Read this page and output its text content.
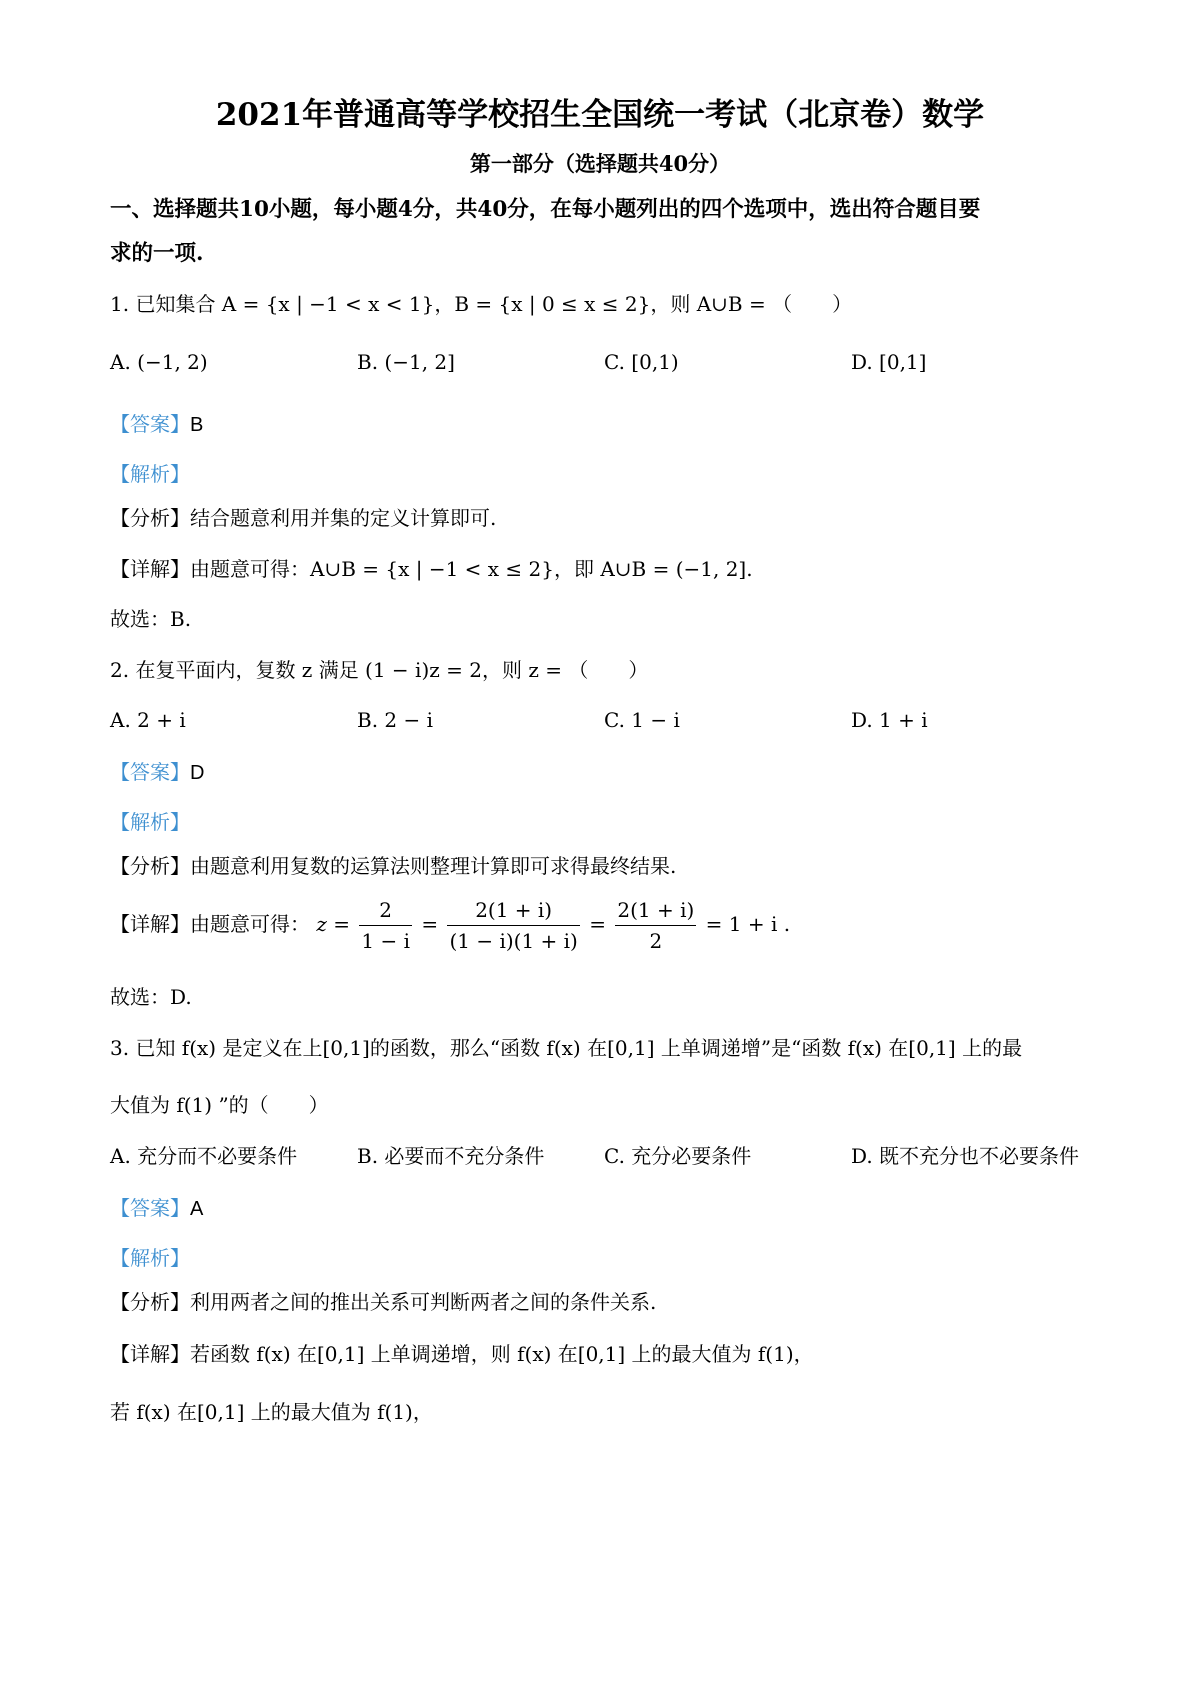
2021年普通高等学校招生全国统一考试（北京卷）数学
第一部分（选择题共40分）
一、选择题共10小题，每小题4分，共40分，在每小题列出的四个选项中，选出符合题目要
求的一项.
1. 已知集合 A = {x | −1 < x < 1}，B = {x | 0 ≤ x ≤ 2}，则 A∪B = （　　）
A. (−1, 2)	B. (−1, 2]	C. [0,1)	D. [0,1]
【答案】B
【解析】
【分析】结合题意利用并集的定义计算即可.
【详解】由题意可得：A∪B = {x | −1 < x ≤ 2}，即 A∪B = (−1, 2].
故选：B.
2. 在复平面内，复数 z 满足 (1 − i)z = 2，则 z = （　　）
A. 2 + i	B. 2 − i	C. 1 − i	D. 1 + i
【答案】D
【解析】
【分析】由题意利用复数的运算法则整理计算即可求得最终结果.
【详解】由题意可得： $z = \frac{2}{1 - i} = \frac{2(1 + i)}{(1 - i)(1 + i)} = \frac{2(1 + i)}{2} = 1 + i$ .
故选：D.
3. 已知 f(x) 是定义在上[0,1]的函数，那么“函数 f(x) 在[0,1] 上单调递增”是“函数 f(x) 在[0,1] 上的最
大值为 f(1) ”的（　　）
A. 充分而不必要条件	B. 必要而不充分条件	C. 充分必要条件	D. 既不充分也不必要条件
【答案】A
【解析】
【分析】利用两者之间的推出关系可判断两者之间的条件关系.
【详解】若函数 f(x) 在[0,1] 上单调递增，则 f(x) 在[0,1] 上的最大值为 f(1)，
若 f(x) 在[0,1] 上的最大值为 f(1)，
